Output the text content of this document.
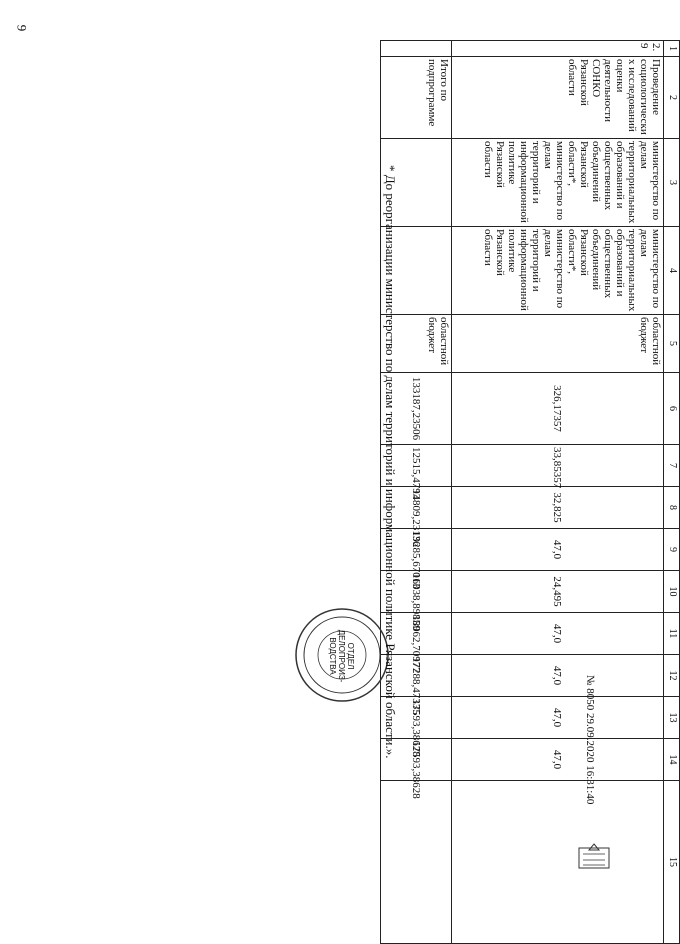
9
1	2	3	4	5	6	7	8	9	10	11	12	13	14	15
2.9	Проведение социологических исследований оценки деятельности СОНКО Рязанской области	министерство по делам территориальных образований и общественных объединений Рязанской области*, министерство по делам территорий и информационной политике Рязанской области	министерство по делам территориальных образований и общественных объединений Рязанской области*, министерство по делам территорий и информационной политике Рязанской области	областной бюджет	326,17357	33,85357	32,825	47,0	24,495	47,0	47,0	47,0	47,0	
	Итого по подпрограмме			областной бюджет	133187,23506	12515,4793	14809,23136	19285,67013	16038,89859	18062,70977	17288,47335	17593,38628	17593,38628	
ОТДЕЛ ДЕЛОПРОИЗ-ВОДСТВА	* До реорганизации министерство по делам территорий и информационной политике Рязанской области.».	№ 8050 29.09.2020 16:31:40
